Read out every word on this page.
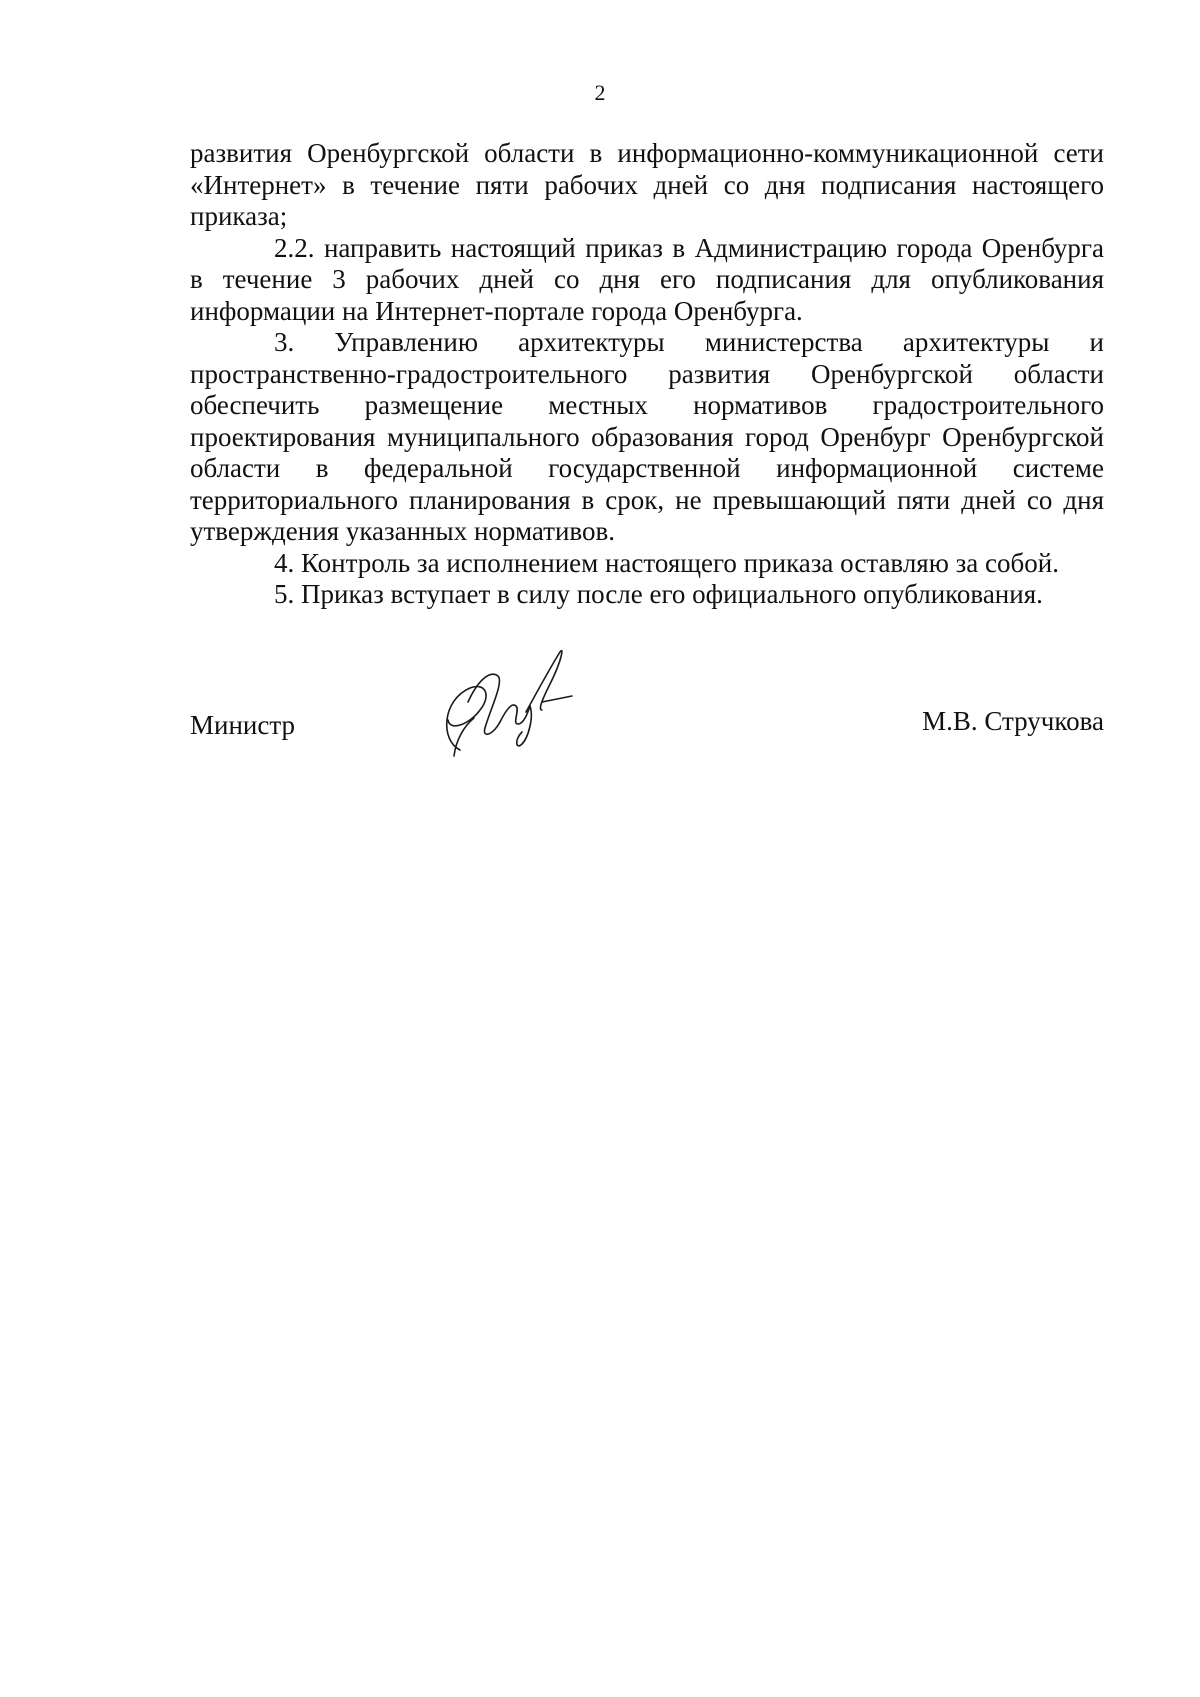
2

развития Оренбургской области в информационно-коммуникационной сети «Интернет» в течение пяти рабочих дней со дня подписания настоящего приказа;

2.2. направить настоящий приказ в Администрацию города Оренбурга в течение 3 рабочих дней со дня его подписания для опубликования информации на Интернет-портале города Оренбурга.

3. Управлению архитектуры министерства архитектуры и пространственно-градостроительного развития Оренбургской области обеспечить размещение местных нормативов градостроительного проектирования муниципального образования город Оренбург Оренбургской области в федеральной государственной информационной системе территориального планирования в срок, не превышающий пяти дней со дня утверждения указанных нормативов.

4. Контроль за исполнением настоящего приказа оставляю за собой.

5. Приказ вступает в силу после его официального опубликования.

Министр	М.В. Стручкова
